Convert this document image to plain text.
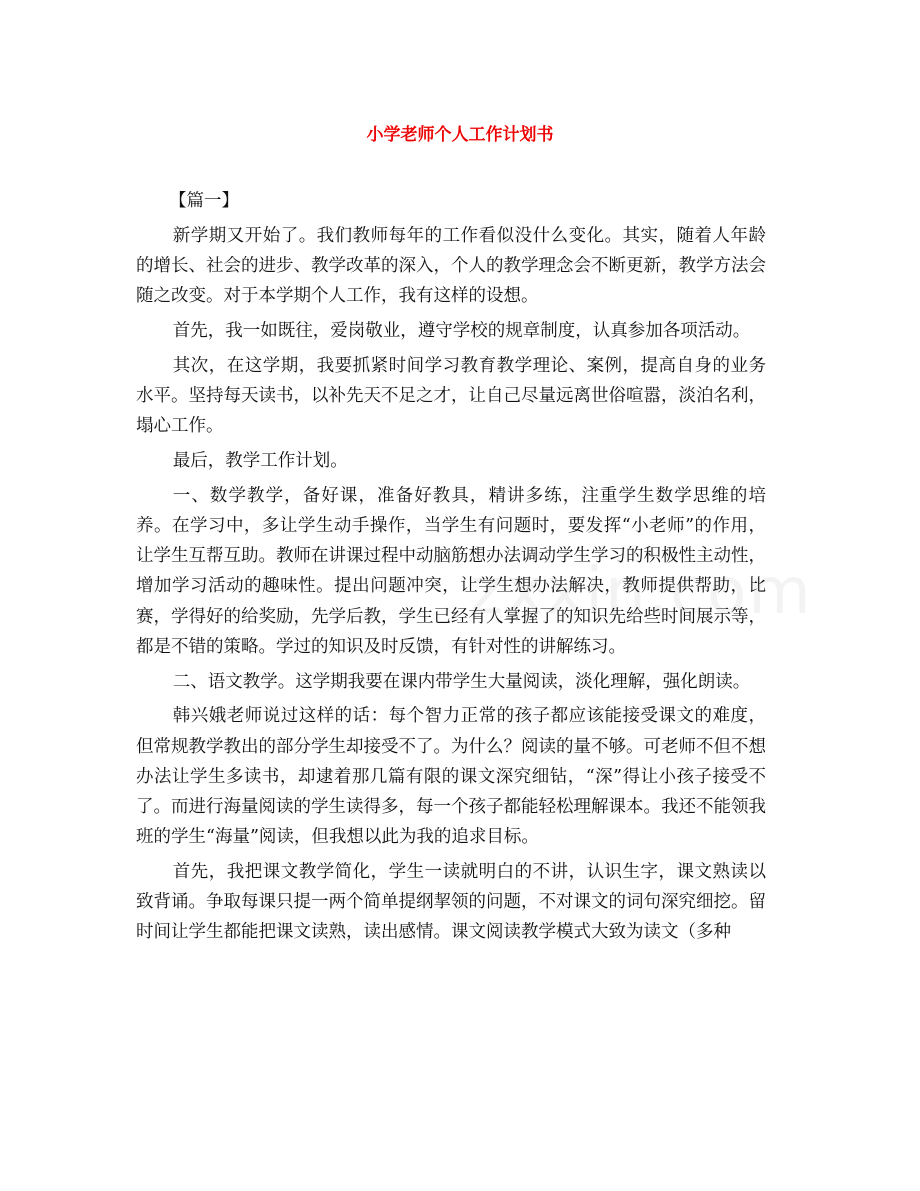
小学老师个人工作计划书

【篇一】

新学期又开始了。我们教师每年的工作看似没什么变化。其实，随着人年龄的增长、社会的进步、教学改革的深入，个人的教学理念会不断更新，教学方法会随之改变。对于本学期个人工作，我有这样的设想。

首先，我一如既往，爱岗敬业，遵守学校的规章制度，认真参加各项活动。

其次，在这学期，我要抓紧时间学习教育教学理论、案例，提高自身的业务水平。坚持每天读书，以补先天不足之才，让自己尽量远离世俗喧嚣，淡泊名利，塌心工作。

最后，教学工作计划。

一、数学教学，备好课，准备好教具，精讲多练，注重学生数学思维的培养。在学习中，多让学生动手操作，当学生有问题时，要发挥“小老师”的作用，让学生互帮互助。教师在讲课过程中动脑筋想办法调动学生学习的积极性主动性，增加学习活动的趣味性。提出问题冲突，让学生想办法解决，教师提供帮助，比赛，学得好的给奖励，先学后教，学生已经有人掌握了的知识先给些时间展示等，都是不错的策略。学过的知识及时反馈，有针对性的讲解练习。

二、语文教学。这学期我要在课内带学生大量阅读，淡化理解，强化朗读。

韩兴娥老师说过这样的话：每个智力正常的孩子都应该能接受课文的难度，但常规教学教出的部分学生却接受不了。为什么？阅读的量不够。可老师不但不想办法让学生多读书，却逮着那几篇有限的课文深究细钻，“深”得让小孩子接受不了。而进行海量阅读的学生读得多，每一个孩子都能轻松理解课本。我还不能领我班的学生“海量”阅读，但我想以此为我的追求目标。

首先，我把课文教学简化，学生一读就明白的不讲，认识生字，课文熟读以致背诵。争取每课只提一两个简单提纲挈领的问题，不对课文的词句深究细挖。留时间让学生都能把课文读熟，读出感情。课文阅读教学模式大致为读文（多种
